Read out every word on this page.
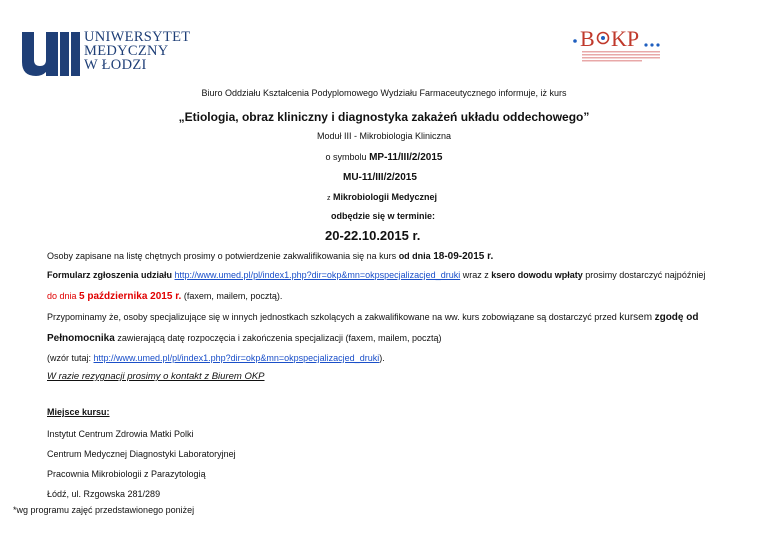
UNIWERSYTET
MEDYCZNY
W ŁODZI
B KP
Biuro Oddziału Kształcenia Podyplomowego Wydziału Farmaceutycznego informuje, iż kurs
„Etiologia, obraz kliniczny i diagnostyka zakażeń układu oddechowego”
Moduł III - Mikrobiologia Kliniczna
o symbolu MP-11/III/2/2015
MU-11/III/2/2015
z Mikrobiologii Medycznej
odbędzie się w terminie:
20-22.10.2015 r.
Osoby zapisane na listę chętnych prosimy o potwierdzenie zakwalifikowania się na kurs od dnia 18-09-2015 r.
Formularz zgłoszenia udziału http://www.umed.pl/pl/index1.php?dir=okp&mn=okpspecjalizacjed_druki wraz z ksero dowodu wpłaty prosimy dostarczyć najpóźniej
do dnia 5 października 2015 r. (faxem, mailem, pocztą).
Przypominamy że, osoby specjalizujące się w innych jednostkach szkolących a zakwalifikowane na ww. kurs zobowiązane są dostarczyć przed kursem zgodę od
Pełnomocnika zawierającą datę rozpoczęcia i zakończenia specjalizacji (faxem, mailem, pocztą)
(wzór tutaj: http://www.umed.pl/pl/index1.php?dir=okp&mn=okpspecjalizacjed_druki).
W razie rezygnacji prosimy o kontakt z Biurem OKP
Miejsce kursu:
Instytut Centrum Zdrowia Matki Polki
Centrum Medycznej Diagnostyki Laboratoryjnej
Pracownia Mikrobiologii z Parazytologią
Łódź, ul. Rzgowska 281/289
*wg programu zajęć przedstawionego poniżej
